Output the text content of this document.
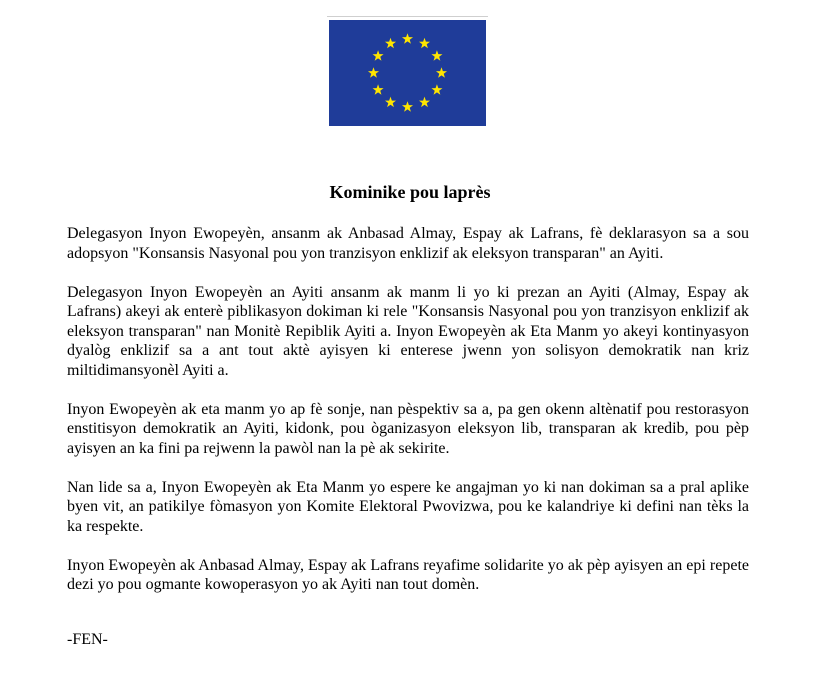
Kominike pou laprès

Delegasyon Inyon Ewopeyèn, ansanm ak Anbasad Almay, Espay ak Lafrans, fè deklarasyon sa a sou adopsyon "Konsansis Nasyonal pou yon tranzisyon enklizif ak eleksyon transparan" an Ayiti.

Delegasyon Inyon Ewopeyèn an Ayiti ansanm ak manm li yo ki prezan an Ayiti (Almay, Espay ak Lafrans) akeyi ak enterè piblikasyon dokiman ki rele "Konsansis Nasyonal pou yon tranzisyon enklizif ak eleksyon transparan" nan Monitè Repiblik Ayiti a. Inyon Ewopeyèn ak Eta Manm yo akeyi kontinyasyon dyalòg enklizif sa a ant tout aktè ayisyen ki enterese jwenn yon solisyon demokratik nan kriz miltidimansyonèl Ayiti a.

Inyon Ewopeyèn ak eta manm yo ap fè sonje, nan pèspektiv sa a, pa gen okenn altènatif pou restorasyon enstitisyon demokratik an Ayiti, kidonk, pou òganizasyon eleksyon lib, transparan ak kredib, pou pèp ayisyen an ka fini pa rejwenn la pawòl nan la pè ak sekirite.

Nan lide sa a, Inyon Ewopeyèn ak Eta Manm yo espere ke angajman yo ki nan dokiman sa a pral aplike byen vit, an patikilye fòmasyon yon Komite Elektoral Pwovizwa, pou ke kalandriye ki defini nan tèks la ka respekte.

Inyon Ewopeyèn ak Anbasad Almay, Espay ak Lafrans reyafime solidarite yo ak pèp ayisyen an epi repete dezi yo pou ogmante kowoperasyon yo ak Ayiti nan tout domèn.

-FEN-
